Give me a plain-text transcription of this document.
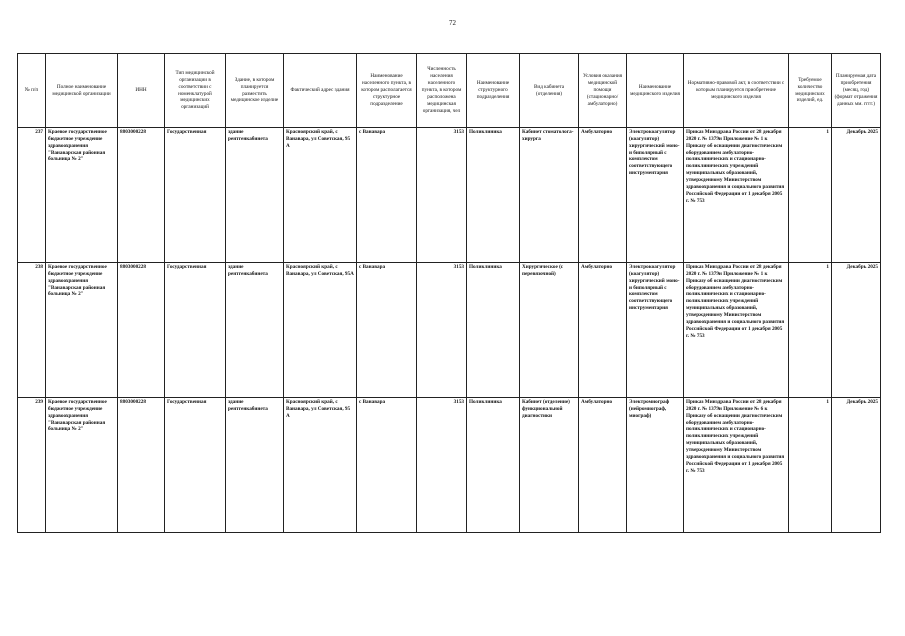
72
№ п/п	Полное наименование медицинской организации	ИНН	Тип медицинской организации в соответствии с номенклатурой медицинских организаций	Здание, в котором планируется разместить медицинское изделие	Фактический адрес здания	Наименование населенного пункта, в котором располагается структурное подразделение	Численность населения населенного пункта, в котором расположена медицинская организация, чел	Наименование структурного подразделения	Вид кабинета (отделения)	Условия оказания медицинской помощи (стационарно/ амбулаторно)	Наименование медицинского изделия	Нормативно-правовой акт, в соответствии с которым планируется приобретение медицинского изделия	Требуемое количество медицинских изделий, ед.	Планируемая дата приобретения (месяц, год) (формат отражения данных мм. гггг.)
237	Краевое государственное бюджетное учреждение здравоохранения "Ванаварская районная больница № 2"	8803000228	Государственная	здание рентгенкабинета	Красноярский край, с Ванавара, ул Советская, 95 А	с Ванавара	3153	Поликлиника	Кабинет стоматолога-хирурга	Амбулаторно	Электрокоагулятор (коагулятор) хирургический моно- и биполярный с комплектом соответствующего инструментария	Приказ Минздрава России от 28 декабря 2020 г. № 1379н Приложение № 1 к Приказу об оснащении диагностическим оборудованием амбулаторно-поликлинических и стационарно-поликлинических учреждений муниципальных образований, утвержденному Министерством здравоохранения и социального развития Российской Федерации от 1 декабря 2005 г. № 753	1	Декабрь 2025
238	Краевое государственное бюджетное учреждение здравоохранения "Ванаварская районная больница № 2"	8803000228	Государственная	здание рентгенкабинета	Красноярский край, с Ванавара, ул Советская, 95А	с Ванавара	3153	Поликлиника	Хирургическое (с перевязочной)	Амбулаторно	Электрокоагулятор (коагулятор) хирургический моно- и биполярный с комплектом соответствующего инструментария	Приказ Минздрава России от 28 декабря 2020 г. № 1379н Приложение № 1 к Приказу об оснащении диагностическим оборудованием амбулаторно-поликлинических и стационарно-поликлинических учреждений муниципальных образований, утвержденному Министерством здравоохранения и социального развития Российской Федерации от 1 декабря 2005 г. № 753	1	Декабрь 2025
239	Краевое государственное бюджетное учреждение здравоохранения "Ванаварская районная больница № 2"	8803000228	Государственная	здание рентгенкабинета	Красноярский край, с Ванавара, ул Советская, 95 А	с Ванавара	3153	Поликлиника	Кабинет (отделение) функциональной диагностики	Амбулаторно	Электромиограф (нейромиограф, миограф)	Приказ Минздрава России от 28 декабря 2020 г. № 1379н Приложение № 6 к Приказу об оснащении диагностическим оборудованием амбулаторно-поликлинических и стационарно-поликлинических учреждений муниципальных образований, утвержденному Министерством здравоохранения и социального развития Российской Федерации от 1 декабря 2005 г. № 753	1	Декабрь 2025
